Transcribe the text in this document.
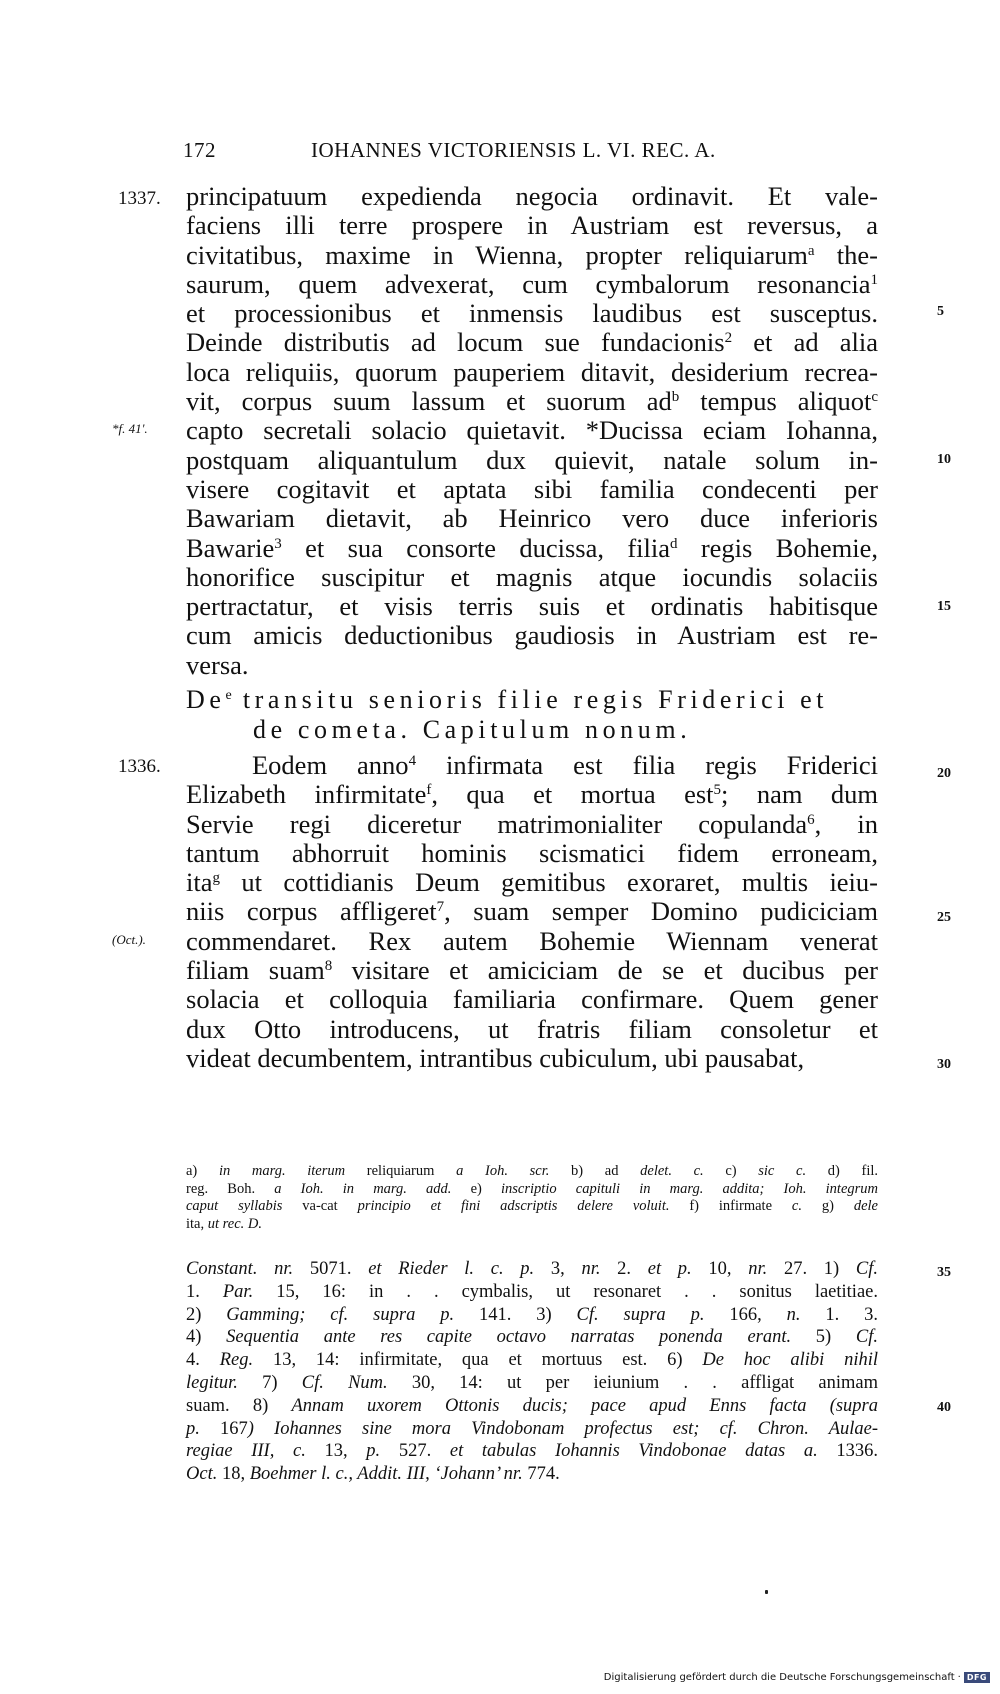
172	IOHANNES VICTORIENSIS L. VI. REC. A.
1337.
*f. 41'.
1336.
(Oct.).
5
10
15
20
25
30
35
40
principatuum expedienda negocia ordinavit. Et vale-
faciens illi terre prospere in Austriam est reversus, a
civitatibus, maxime in Wienna, propter reliquiarum$^a$ the-
saurum, quem advexerat, cum cymbalorum resonancia$^1$
et processionibus et inmensis laudibus est susceptus.
Deinde distributis ad locum sue fundacionis$^2$ et ad alia
loca reliquiis, quorum pauperiem ditavit, desiderium recrea-
vit, corpus suum lassum et suorum $ad^b$ tempus aliquot$^c$
capto secretali solacio quietavit. *Ducissa eciam Iohanna,
postquam aliquantulum dux quievit, natale solum in-
visere cogitavit et aptata sibi familia condecenti per
Bawariam dietavit, ab Heinrico vero duce inferioris
Bawarie$^3$ et sua consorte ducissa, filia$^d$ regis Bohemie,
honorifice suscipitur et magnis atque iocundis solaciis
pertractatur, et visis terris suis et ordinatis habitisque
cum amicis deductionibus gaudiosis in Austriam est re-
versa.
De$^e$ transitu senioris filie regis Friderici et
de cometa. Capitulum nonum.
Eodem anno$^4$ infirmata est filia regis Friderici
Elizabeth infirmitate$^f$, qua et mortua est$^5$; nam dum
Servie regi diceretur matrimonialiter copulanda$^6$, in
tantum abhorruit hominis scismatici fidem erroneam,
ita$^g$ ut cottidianis Deum gemitibus exoraret, multis ieiu-
niis corpus affligeret$^7$, suam semper Domino pudiciciam
commendaret. Rex autem Bohemie Wiennam venerat
filiam suam$^8$ visitare et amiciciam de se et ducibus per
solacia et colloquia familiaria confirmare. Quem gener
dux Otto introducens, ut fratris filiam consoletur et
videat decumbentem, intrantibus cubiculum, ubi pausabat,
a) in marg. iterum reliquiarum a Ioh. scr. b) ad delet. c. c) sic c. d) fil.
reg. Boh. a Ioh. in marg. add. e) inscriptio capituli in marg. addita; Ioh. integrum
caput syllabis va-cat principio et fini adscriptis delere voluit. f) infirmate c. g) dele
ita, ut rec. D.
Constant. nr. 5071. et Rieder l. c. p. 3, nr. 2. et p. 10, nr. 27. 1) Cf.
1. Par. 15, 16: in . . cymbalis, ut resonaret . . sonitus laetitiae.
2) Gamming; cf. supra p. 141. 3) Cf. supra p. 166, n. 1. 3.
4) Sequentia ante res capite octavo narratas ponenda erant. 5) Cf.
4. Reg. 13, 14: infirmitate, qua et mortuus est. 6) De hoc alibi nihil
legitur. 7) Cf. Num. 30, 14: ut per ieiunium . . affligat animam
suam. 8) Annam uxorem Ottonis ducis; pace apud Enns facta (supra
p. 167) Iohannes sine mora Vindobonam profectus est; cf. Chron. Aulae-
regiae III, c. 13, p. 527. et tabulas Iohannis Vindobonae datas a. 1336.
Oct. 18, Boehmer l. c., Addit. III, ‘Johann’ nr. 774.
Digitalisierung gefördert durch die Deutsche Forschungsgemeinschaft · DFG
